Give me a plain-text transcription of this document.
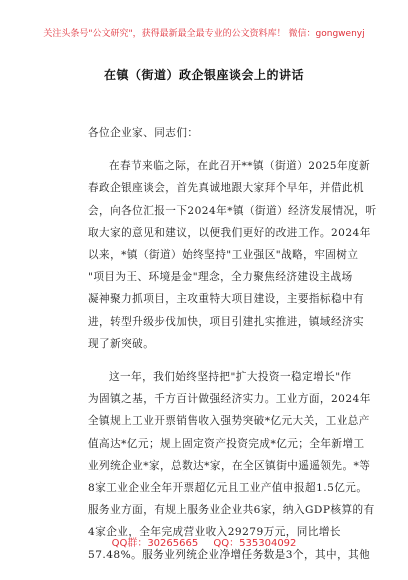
关注头条号"公文研究"，获得最新最全最专业的公文资料库！ 微信：gongwenyj
在镇（街道）政企银座谈会上的讲话

各位企业家、同志们：

在春节来临之际，在此召开**镇（街道）2025年度新

春政企银座谈会，首先真诚地跟大家拜个早年，并借此机

会，向各位汇报一下2024年*镇（街道）经济发展情况，听

取大家的意见和建议，以便我们更好的改进工作。2024年

以来，*镇（街道）始终坚持"工业强区"战略，牢固树立

"项目为王、环境是金"理念，全力聚焦经济建设主战场

凝神聚力抓项目，主攻重特大项目建设，主要指标稳中有

进，转型升级步伐加快，项目引建扎实推进，镇域经济实

现了新突破。

这一年，我们始终坚持把"扩大投资一稳定增长"作

为固镇之基，千方百计做强经济实力。工业方面，2024年

全镇规上工业开票销售收入强势突破*亿元大关，工业总产

值高达*亿元；规上固定资产投资完成*亿元；全年新增工

业列统企业*家，总数达*家，在全区镇街中遥遥领先。*等

8家工业企业全年开票超亿元且工业产值申报超1.5亿元。

服务业方面，有规上服务业企业共6家，纳入GDP核算的有

4家企业，全年完成营业收入29279万元，同比增长

57.48%。服务业列统企业净增任务数是3个，其中，其他

QQ群：30265665 QQ：535304092
